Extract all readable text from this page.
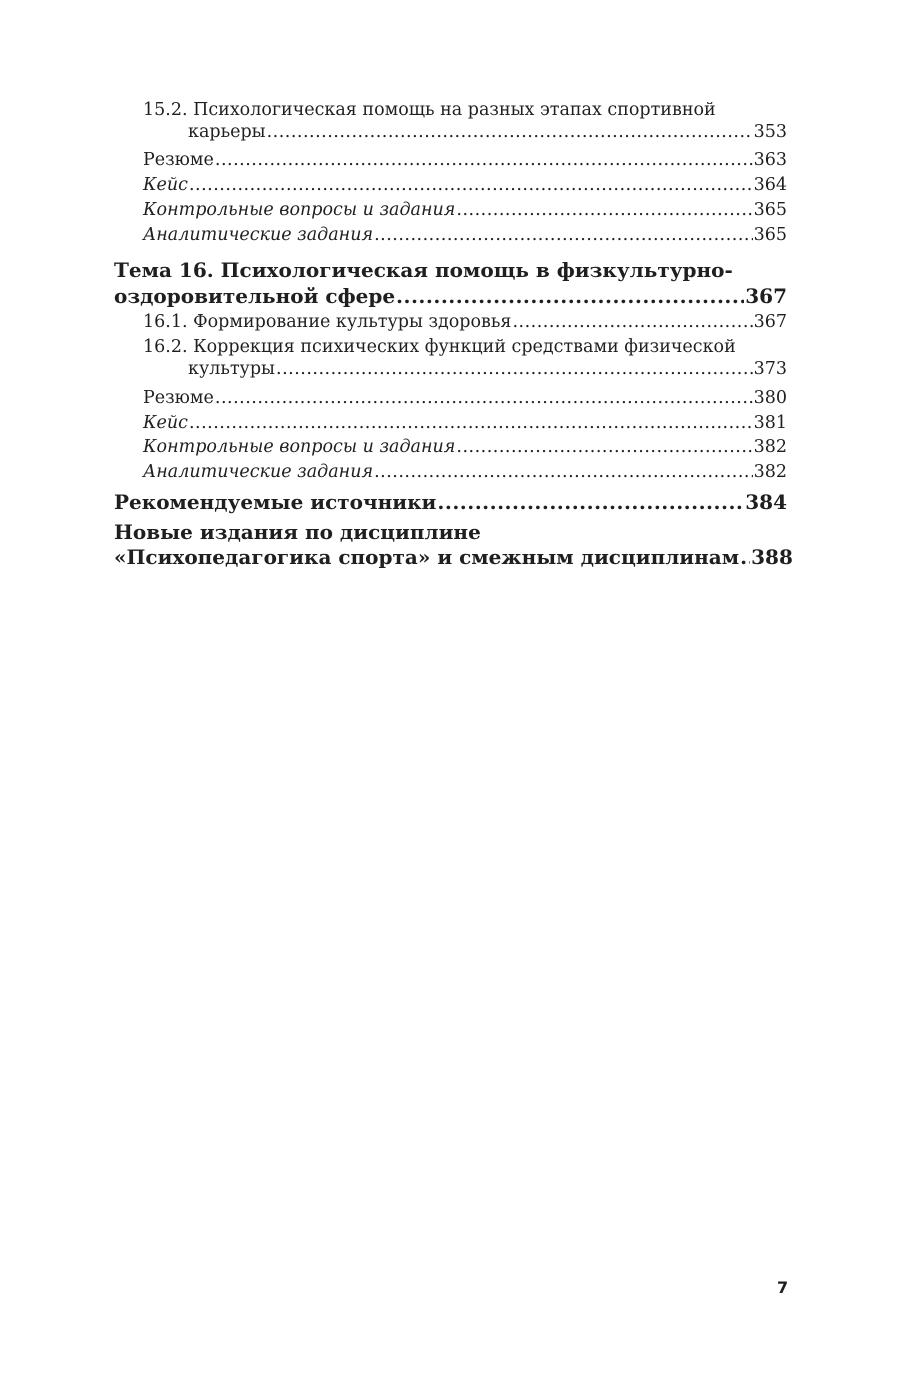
15.2. Психологическая помощь на разных этапах спортивной
карьеры .....	353
Резюме .....	363
Кейс .....	364
Контрольные вопросы и задания .....	365
Аналитические задания .....	365
Тема 16. Психологическая помощь в физкультурно-
оздоровительной сфере .....	367
16.1. Формирование культуры здоровья .....	367
16.2. Коррекция психических функций средствами физической
культуры .....	373
Резюме .....	380
Кейс .....	381
Контрольные вопросы и задания .....	382
Аналитические задания .....	382
Рекомендуемые источники .....	384
Новые издания по дисциплине
«Психопедагогика спорта» и смежным дисциплинам ..... 388
7
